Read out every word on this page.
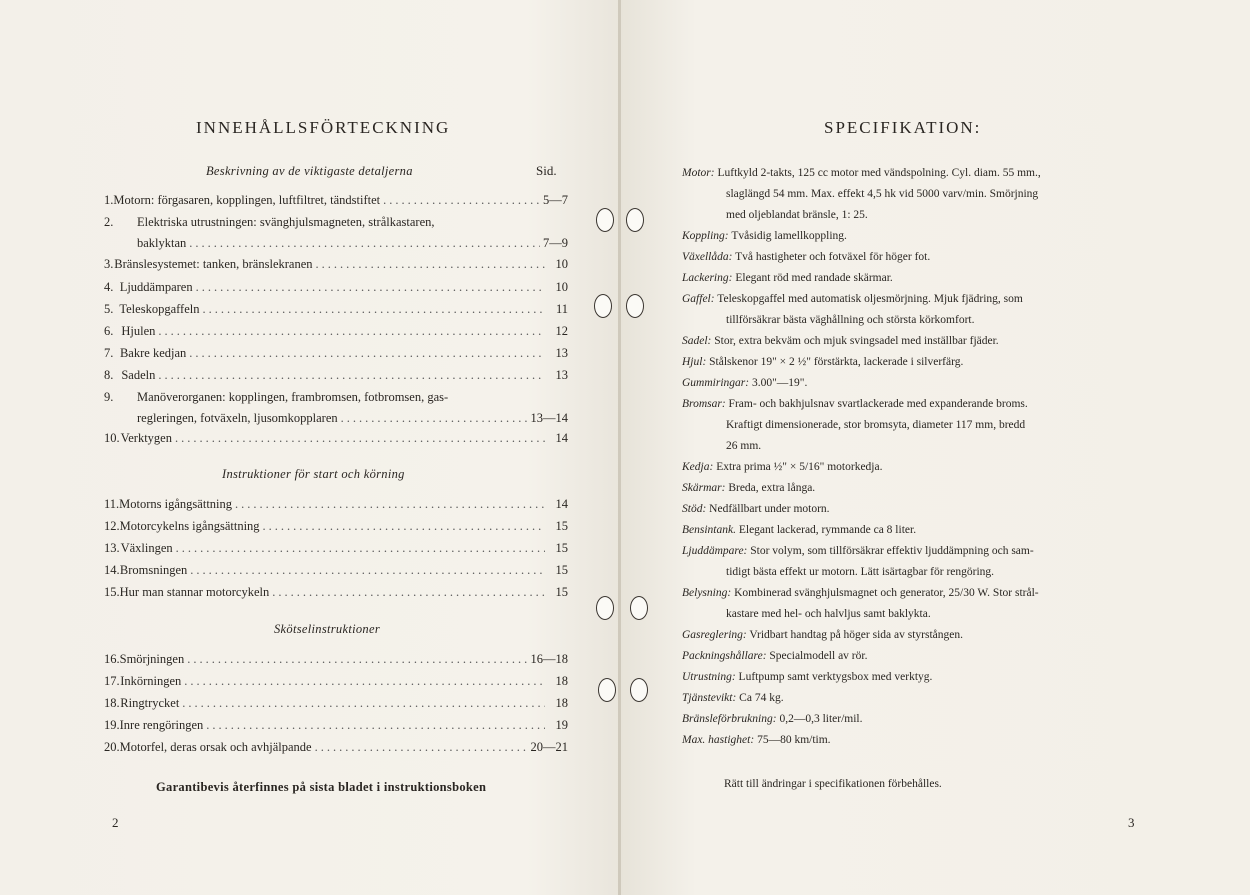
INNEHÅLLSFÖRTECKNING
Beskrivning av de viktigaste detaljerna	Sid.
1. Motorn: förgasaren, kopplingen, luftfiltret, tändstiftet .....	5—7
2.	Elektriska utrustningen: svänghjulsmagneten, strålkastaren,
baklyktan .....	7—9
3. Bränslesystemet: tanken, bränslekranen .....	10
4. Ljuddämparen .....	10
5. Teleskopgaffeln .....	11
6. Hjulen .....	12
7. Bakre kedjan .....	13
8. Sadeln .....	13
9.	Manöverorganen: kopplingen, frambromsen, fotbromsen, gas-
regleringen, fotväxeln, ljusomkopplaren .....	13—14
10. Verktygen .....	14
11. Motorns igångsättning .....	14
12. Motorcykelns igångsättning .....	15
13. Växlingen .....	15
14. Bromsningen .....	15
15. Hur man stannar motorcykeln .....	15
16. Smörjningen .....	16—18
17. Inkörningen .....	18
18. Ringtrycket .....	18
19. Inre rengöringen .....	19
20. Motorfel, deras orsak och avhjälpande .....	20—21
Instruktioner för start och körning
Skötselinstruktioner
Garantibevis återfinnes på sista bladet i instruktionsboken
2	3
SPECIFIKATION:
Motor: Luftkyld 2-takts, 125 cc motor med vändspolning. Cyl. diam. 55 mm.,
slaglängd 54 mm. Max. effekt 4,5 hk vid 5000 varv/min. Smörjning
med oljeblandat bränsle, 1: 25.
Koppling: Tvåsidig lamellkoppling.
Växellåda: Två hastigheter och fotväxel för höger fot.
Lackering: Elegant röd med randade skärmar.
Gaffel: Teleskopgaffel med automatisk oljesmörjning. Mjuk fjädring, som
tillförsäkrar bästa väghållning och största körkomfort.
Sadel: Stor, extra bekväm och mjuk svingsadel med inställbar fjäder.
Hjul: Stålskenor 19" × 2 ½" förstärkta, lackerade i silverfärg.
Gummiringar: 3.00"—19".
Bromsar: Fram- och bakhjulsnav svartlackerade med expanderande broms.
Kraftigt dimensionerade, stor bromsyta, diameter 117 mm, bredd
26 mm.
Kedja: Extra prima ½" × 5/16" motorkedja.
Skärmar: Breda, extra långa.
Stöd: Nedfällbart under motorn.
Bensintank. Elegant lackerad, rymmande ca 8 liter.
Ljuddämpare: Stor volym, som tillförsäkrar effektiv ljuddämpning och sam-
tidigt bästa effekt ur motorn. Lätt isärtagbar för rengöring.
Belysning: Kombinerad svänghjulsmagnet och generator, 25/30 W. Stor strål-
kastare med hel- och halvljus samt baklykta.
Gasreglering: Vridbart handtag på höger sida av styrstången.
Packningshållare: Specialmodell av rör.
Utrustning: Luftpump samt verktygsbox med verktyg.
Tjänstevikt: Ca 74 kg.
Bränsleförbrukning: 0,2—0,3 liter/mil.
Max. hastighet: 75—80 km/tim.
Rätt till ändringar i specifikationen förbehålles.
